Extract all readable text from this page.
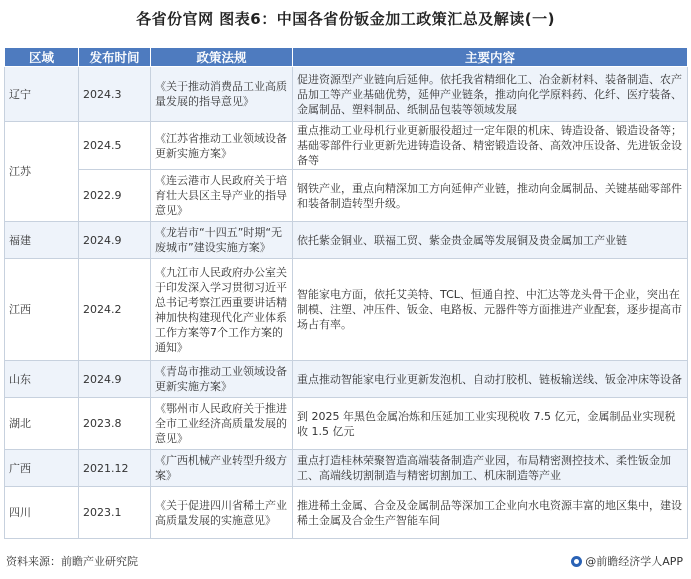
各省份官网 图表6：中国各省份钣金加工政策汇总及解读(一)
区域	发布时间	政策法规	主要内容
辽宁	2024.3	《关于推动消费品工业高质量发展的指导意见》	促进资源型产业链向后延伸。依托我省精细化工、冶金新材料、装备制造、农产品加工等产业基础优势，延伸产业链条，推动向化学原料药、化纤、医疗装备、金属制品、塑料制品、纸制品包装等领域发展
江苏	2024.5	《江苏省推动工业领域设备更新实施方案》	重点推动工业母机行业更新服役超过一定年限的机床、铸造设备、锻造设备等；基础零部件行业更新先进铸造设备、精密锻造设备、高效冲压设备、先进钣金设备等
	2022.9	《连云港市人民政府关于培育壮大县区主导产业的指导意见》	钢铁产业，重点向精深加工方向延伸产业链，推动向金属制品、关键基础零部件和装备制造转型升级。
福建	2024.9	《龙岩市“十四五”时期“无废城市”建设实施方案》	依托紫金铜业、联福工贸、紫金贵金属等发展铜及贵金属加工产业链
江西	2024.2	《九江市人民政府办公室关于印发深入学习贯彻习近平总书记考察江西重要讲话精神加快构建现代化产业体系工作方案等7个工作方案的通知》	智能家电方面，依托艾美特、TCL、恒通自控、中汇达等龙头骨干企业，突出在制模、注塑、冲压件、钣金、电路板、元器件等方面推进产业配套，逐步提高市场占有率。
山东	2024.9	《青岛市推动工业领域设备更新实施方案》	重点推动智能家电行业更新发泡机、自动打胶机、链板输送线、钣金冲床等设备
湖北	2023.8	《鄂州市人民政府关于推进全市工业经济高质量发展的意见》	到 2025 年黑色金属冶炼和压延加工业实现税收 7.5 亿元，金属制品业实现税收 1.5 亿元
广西	2021.12	《广西机械产业转型升级方案》	重点打造桂林荣聚智造高端装备制造产业园，布局精密测控技术、柔性钣金加工、高端线切割制造与精密切割加工、机床制造等产业
四川	2023.1	《关于促进四川省稀土产业高质量发展的实施意见》	推进稀土金属、合金及金属制品等深加工企业向水电资源丰富的地区集中，建设稀土金属及合金生产智能车间
资料来源：前瞻产业研究院	@前瞻经济学人APP
